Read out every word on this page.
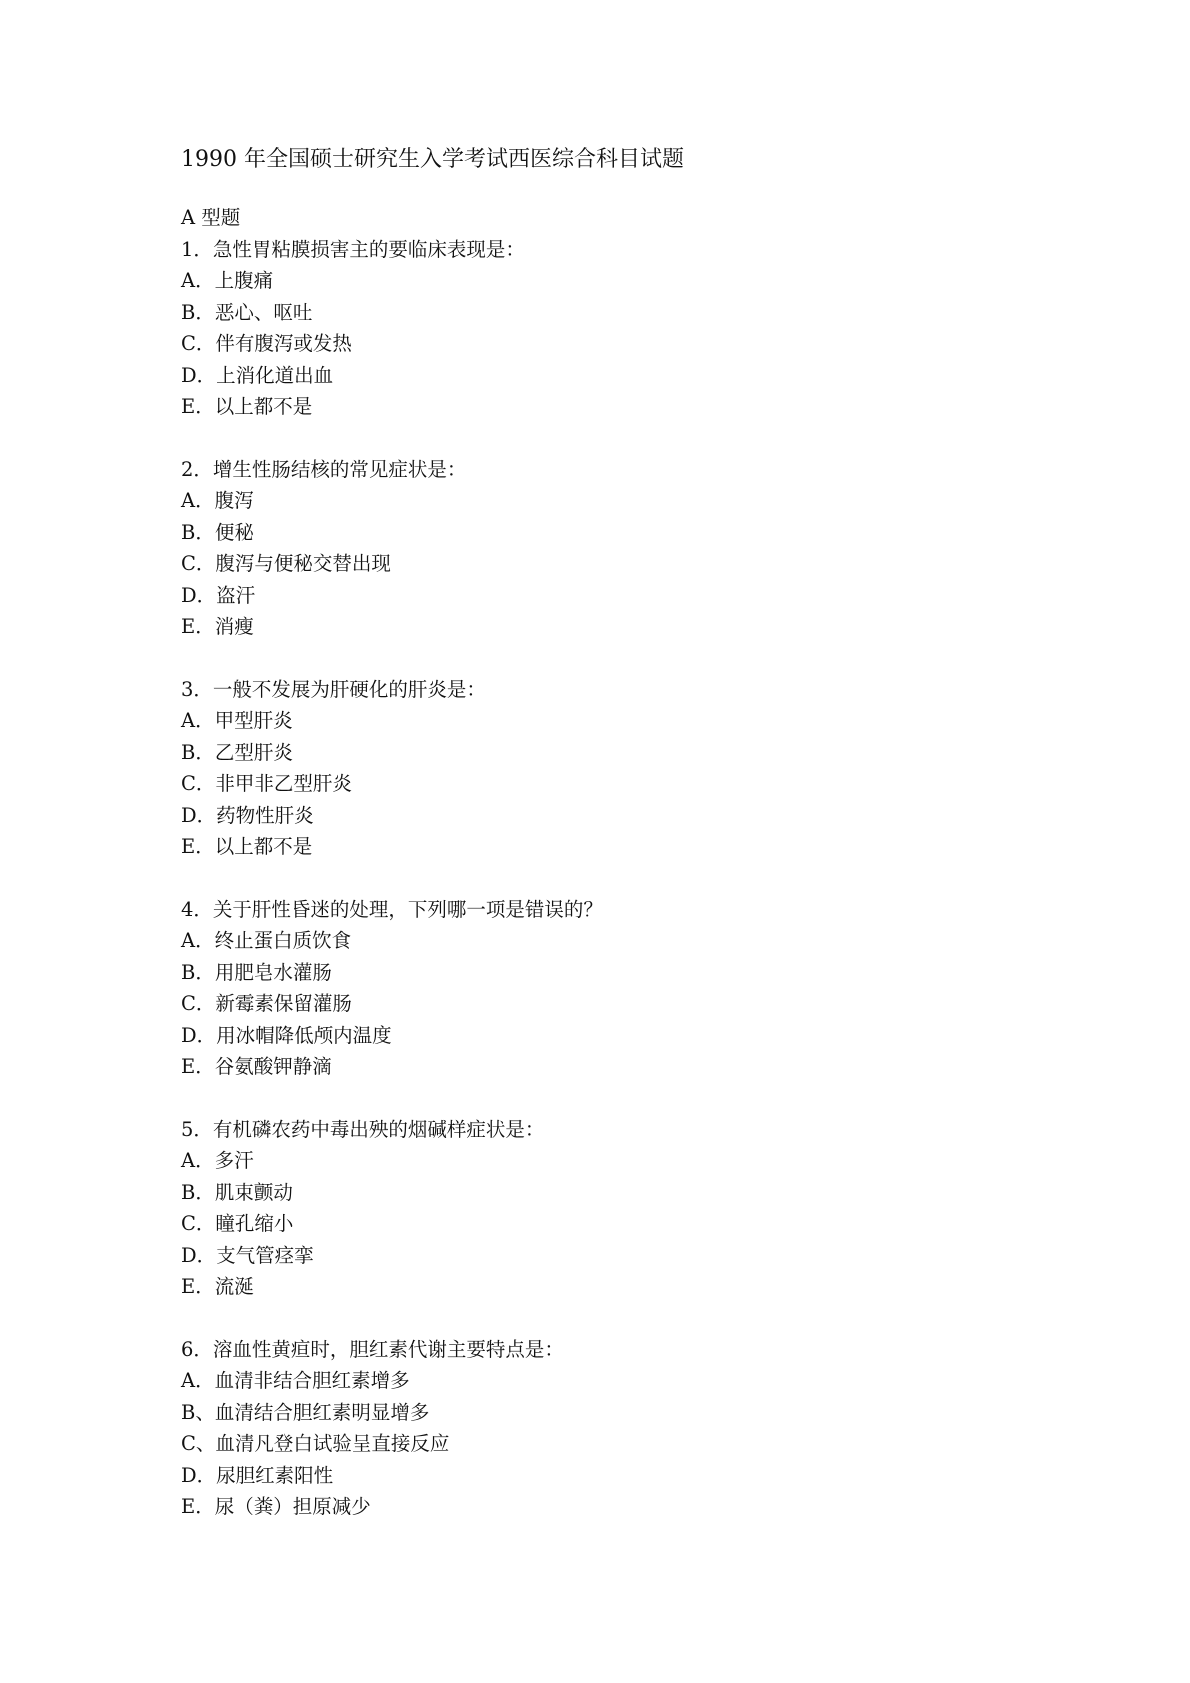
1990 年全国硕士研究生入学考试西医综合科目试题
A 型题
1．急性胃粘膜损害主的要临床表现是：
A．上腹痛
B．恶心、呕吐
C．伴有腹泻或发热
D．上消化道出血
E．以上都不是
2．增生性肠结核的常见症状是：
A．腹泻
B．便秘
C．腹泻与便秘交替出现
D．盗汗
E．消瘦
3．一般不发展为肝硬化的肝炎是：
A．甲型肝炎
B．乙型肝炎
C．非甲非乙型肝炎
D．药物性肝炎
E．以上都不是
4．关于肝性昏迷的处理，下列哪一项是错误的？
A．终止蛋白质饮食
B．用肥皂水灌肠
C．新霉素保留灌肠
D．用冰帽降低颅内温度
E．谷氨酸钾静滴
5．有机磷农药中毒出殃的烟碱样症状是：
A．多汗
B．肌束颤动
C．瞳孔缩小
D．支气管痉挛
E．流涎
6．溶血性黄疸时，胆红素代谢主要特点是：
A．血清非结合胆红素增多
B、血清结合胆红素明显增多
C、血清凡登白试验呈直接反应
D．尿胆红素阳性
E．尿（粪）担原减少
